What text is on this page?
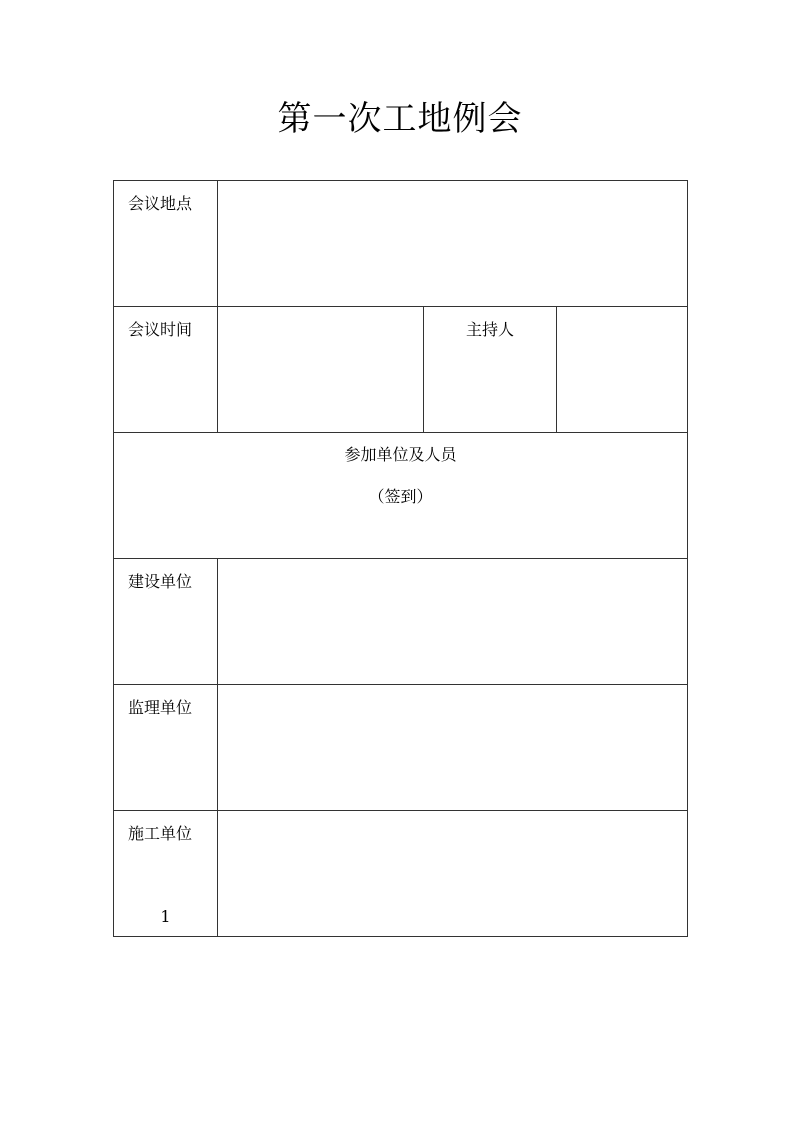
第一次工地例会
会议地点			
会议时间		主持人	

参加单位及人员
（签到）			

建设单位			
监理单位			
施工单位
1			
